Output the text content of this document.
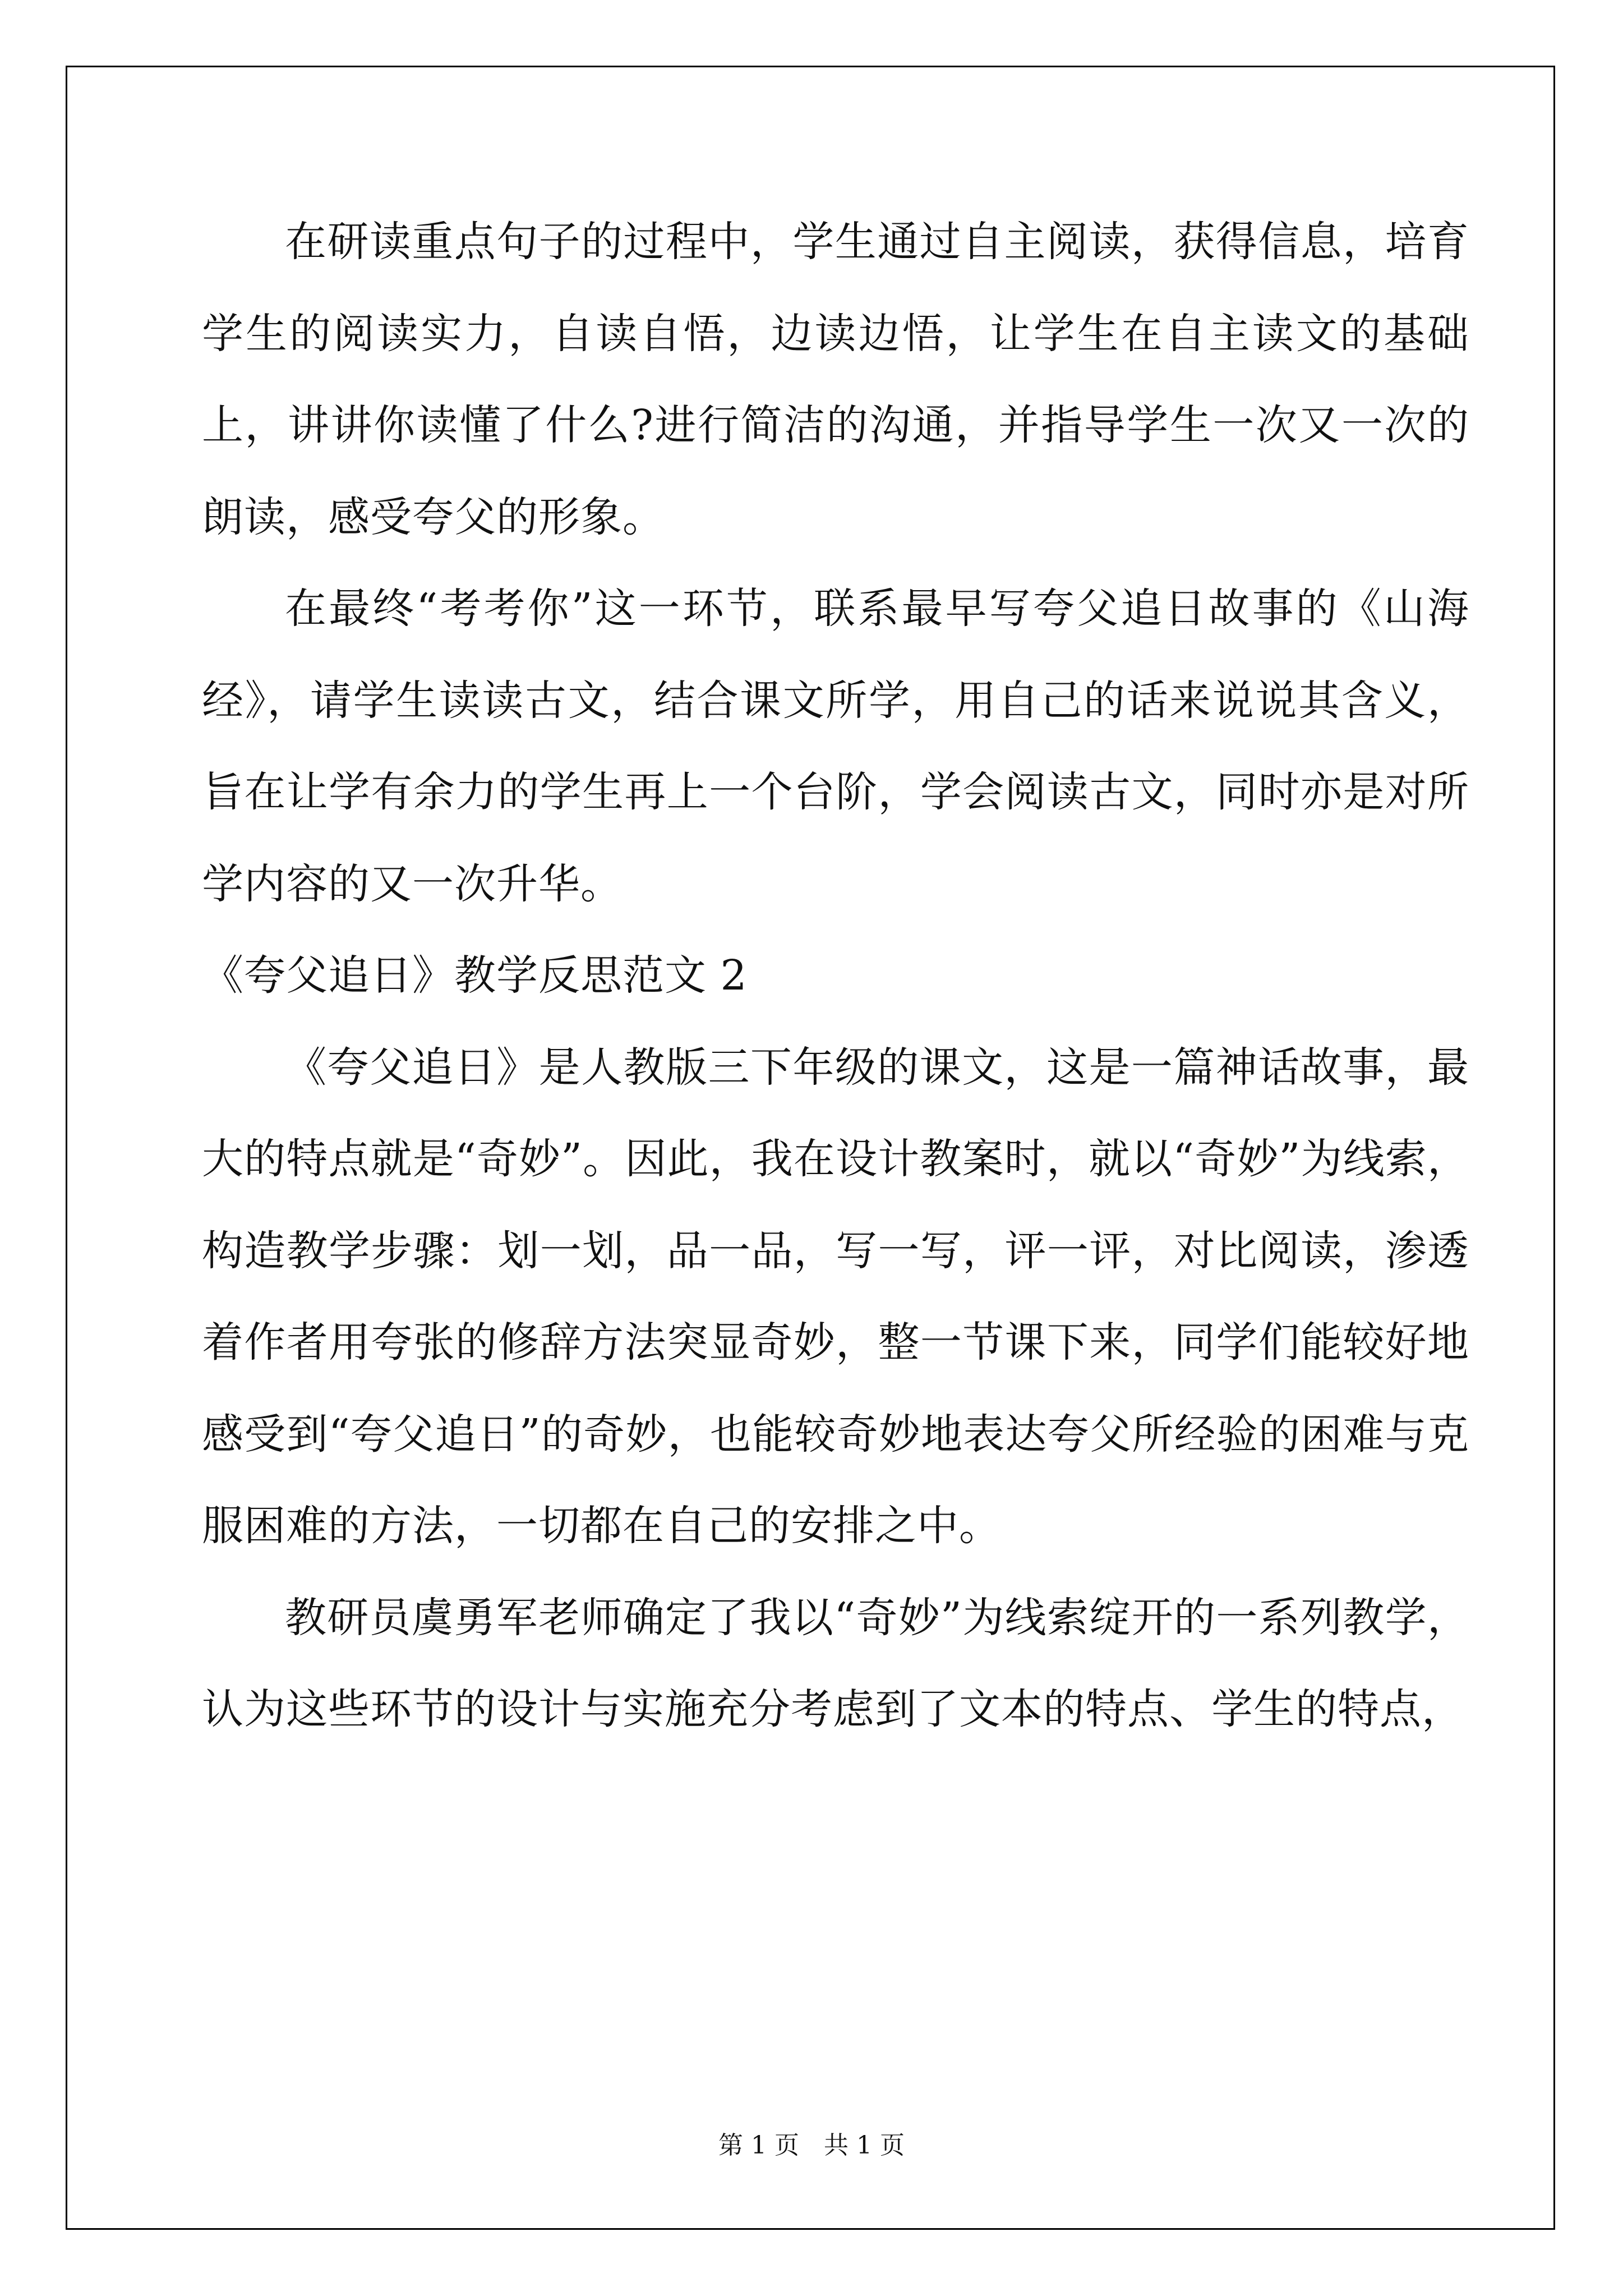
在研读重点句子的过程中，学生通过自主阅读，获得信息，培育学生的阅读实力，自读自悟，边读边悟，让学生在自主读文的基础上，讲讲你读懂了什么?进行简洁的沟通，并指导学生一次又一次的朗读，感受夸父的形象。

在最终“考考你”这一环节，联系最早写夸父追日故事的《山海经》，请学生读读古文，结合课文所学，用自己的话来说说其含义，旨在让学有余力的学生再上一个台阶，学会阅读古文，同时亦是对所学内容的又一次升华。

《夸父追日》教学反思范文 2

《夸父追日》是人教版三下年级的课文，这是一篇神话故事，最大的特点就是“奇妙”。因此，我在设计教案时，就以“奇妙”为线索，构造教学步骤：划一划，品一品，写一写，评一评，对比阅读，渗透着作者用夸张的修辞方法突显奇妙，整一节课下来，同学们能较好地感受到“夸父追日”的奇妙，也能较奇妙地表达夸父所经验的困难与克服困难的方法，一切都在自己的安排之中。

教研员虞勇军老师确定了我以“奇妙”为线索绽开的一系列教学，认为这些环节的设计与实施充分考虑到了文本的特点、学生的特点，

第 1 页　共 1 页
